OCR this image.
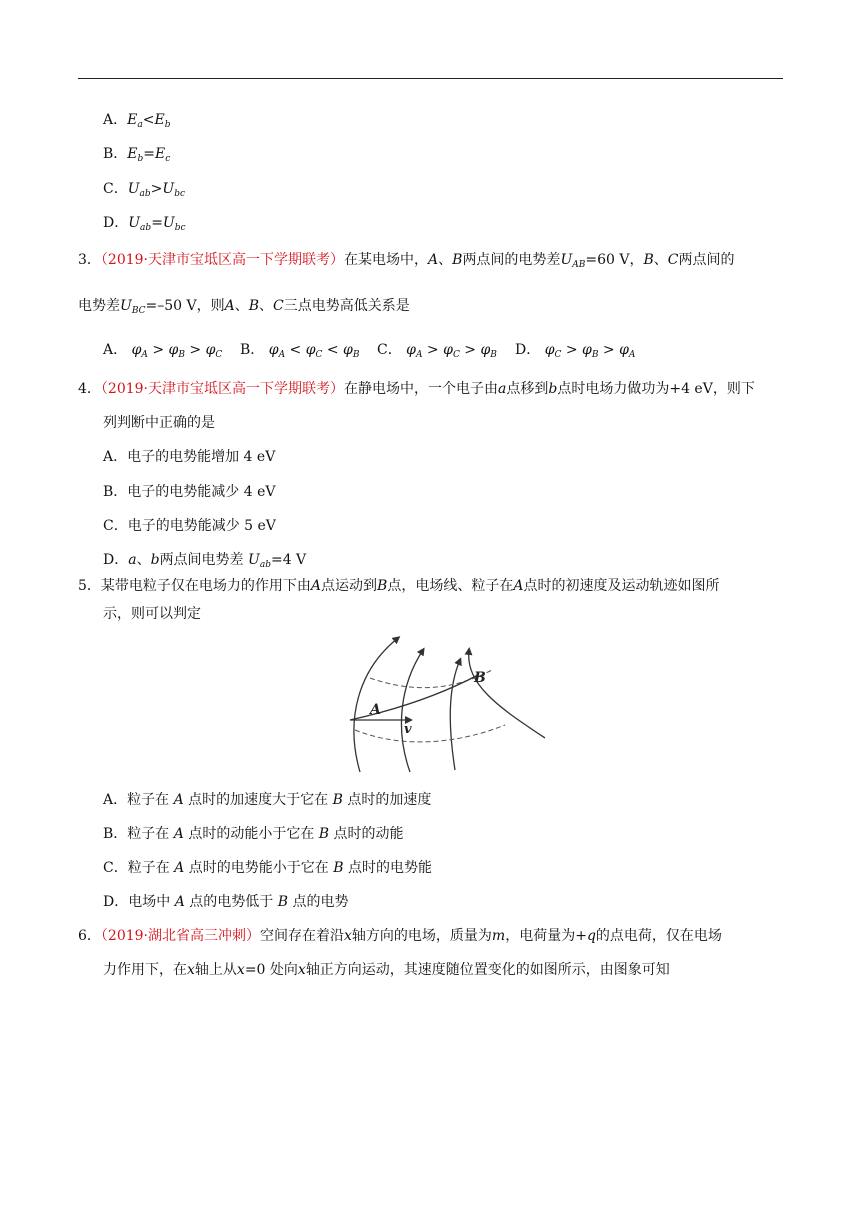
A．$E_a<E_b$
B．$E_b=E_c$
C．$U_{ab}>U_{bc}$
D．$U_{ab}=U_{bc}$
3．（2019·天津市宝坻区高一下学期联考）在某电场中，A、B两点间的电势差$U_{AB}=60$ V，B、C两点间的
电势差$U_{BC}=-50$ V，则A、B、C三点电势高低关系是
A． $\varphi_A > \varphi_B > \varphi_C$ B． $\varphi_A < \varphi_C < \varphi_B$ C． $\varphi_A > \varphi_C > \varphi_B$ D． $\varphi_C > \varphi_B > \varphi_A$
4．（2019·天津市宝坻区高一下学期联考）在静电场中，一个电子由a点移到b点时电场力做功为+4 eV，则下
列判断中正确的是
A．电子的电势能增加 4 eV
B．电子的电势能减少 4 eV
C．电子的电势能减少 5 eV
D．a、b两点间电势差 $U_{ab}=4$ V
5．某带电粒子仅在电场力的作用下由A点运动到B点，电场线、粒子在A点时的初速度及运动轨迹如图所
示，则可以判定
A
B
v
A．粒子在 A 点时的加速度大于它在 B 点时的加速度
B．粒子在 A 点时的动能小于它在 B 点时的动能
C．粒子在 A 点时的电势能小于它在 B 点时的电势能
D．电场中 A 点的电势低于 B 点的电势
6．（2019·湖北省高三冲刺）空间存在着沿x轴方向的电场，质量为m，电荷量为+q的点电荷，仅在电场
力作用下，在x轴上从x=0 处向x轴正方向运动，其速度随位置变化的如图所示，由图象可知
